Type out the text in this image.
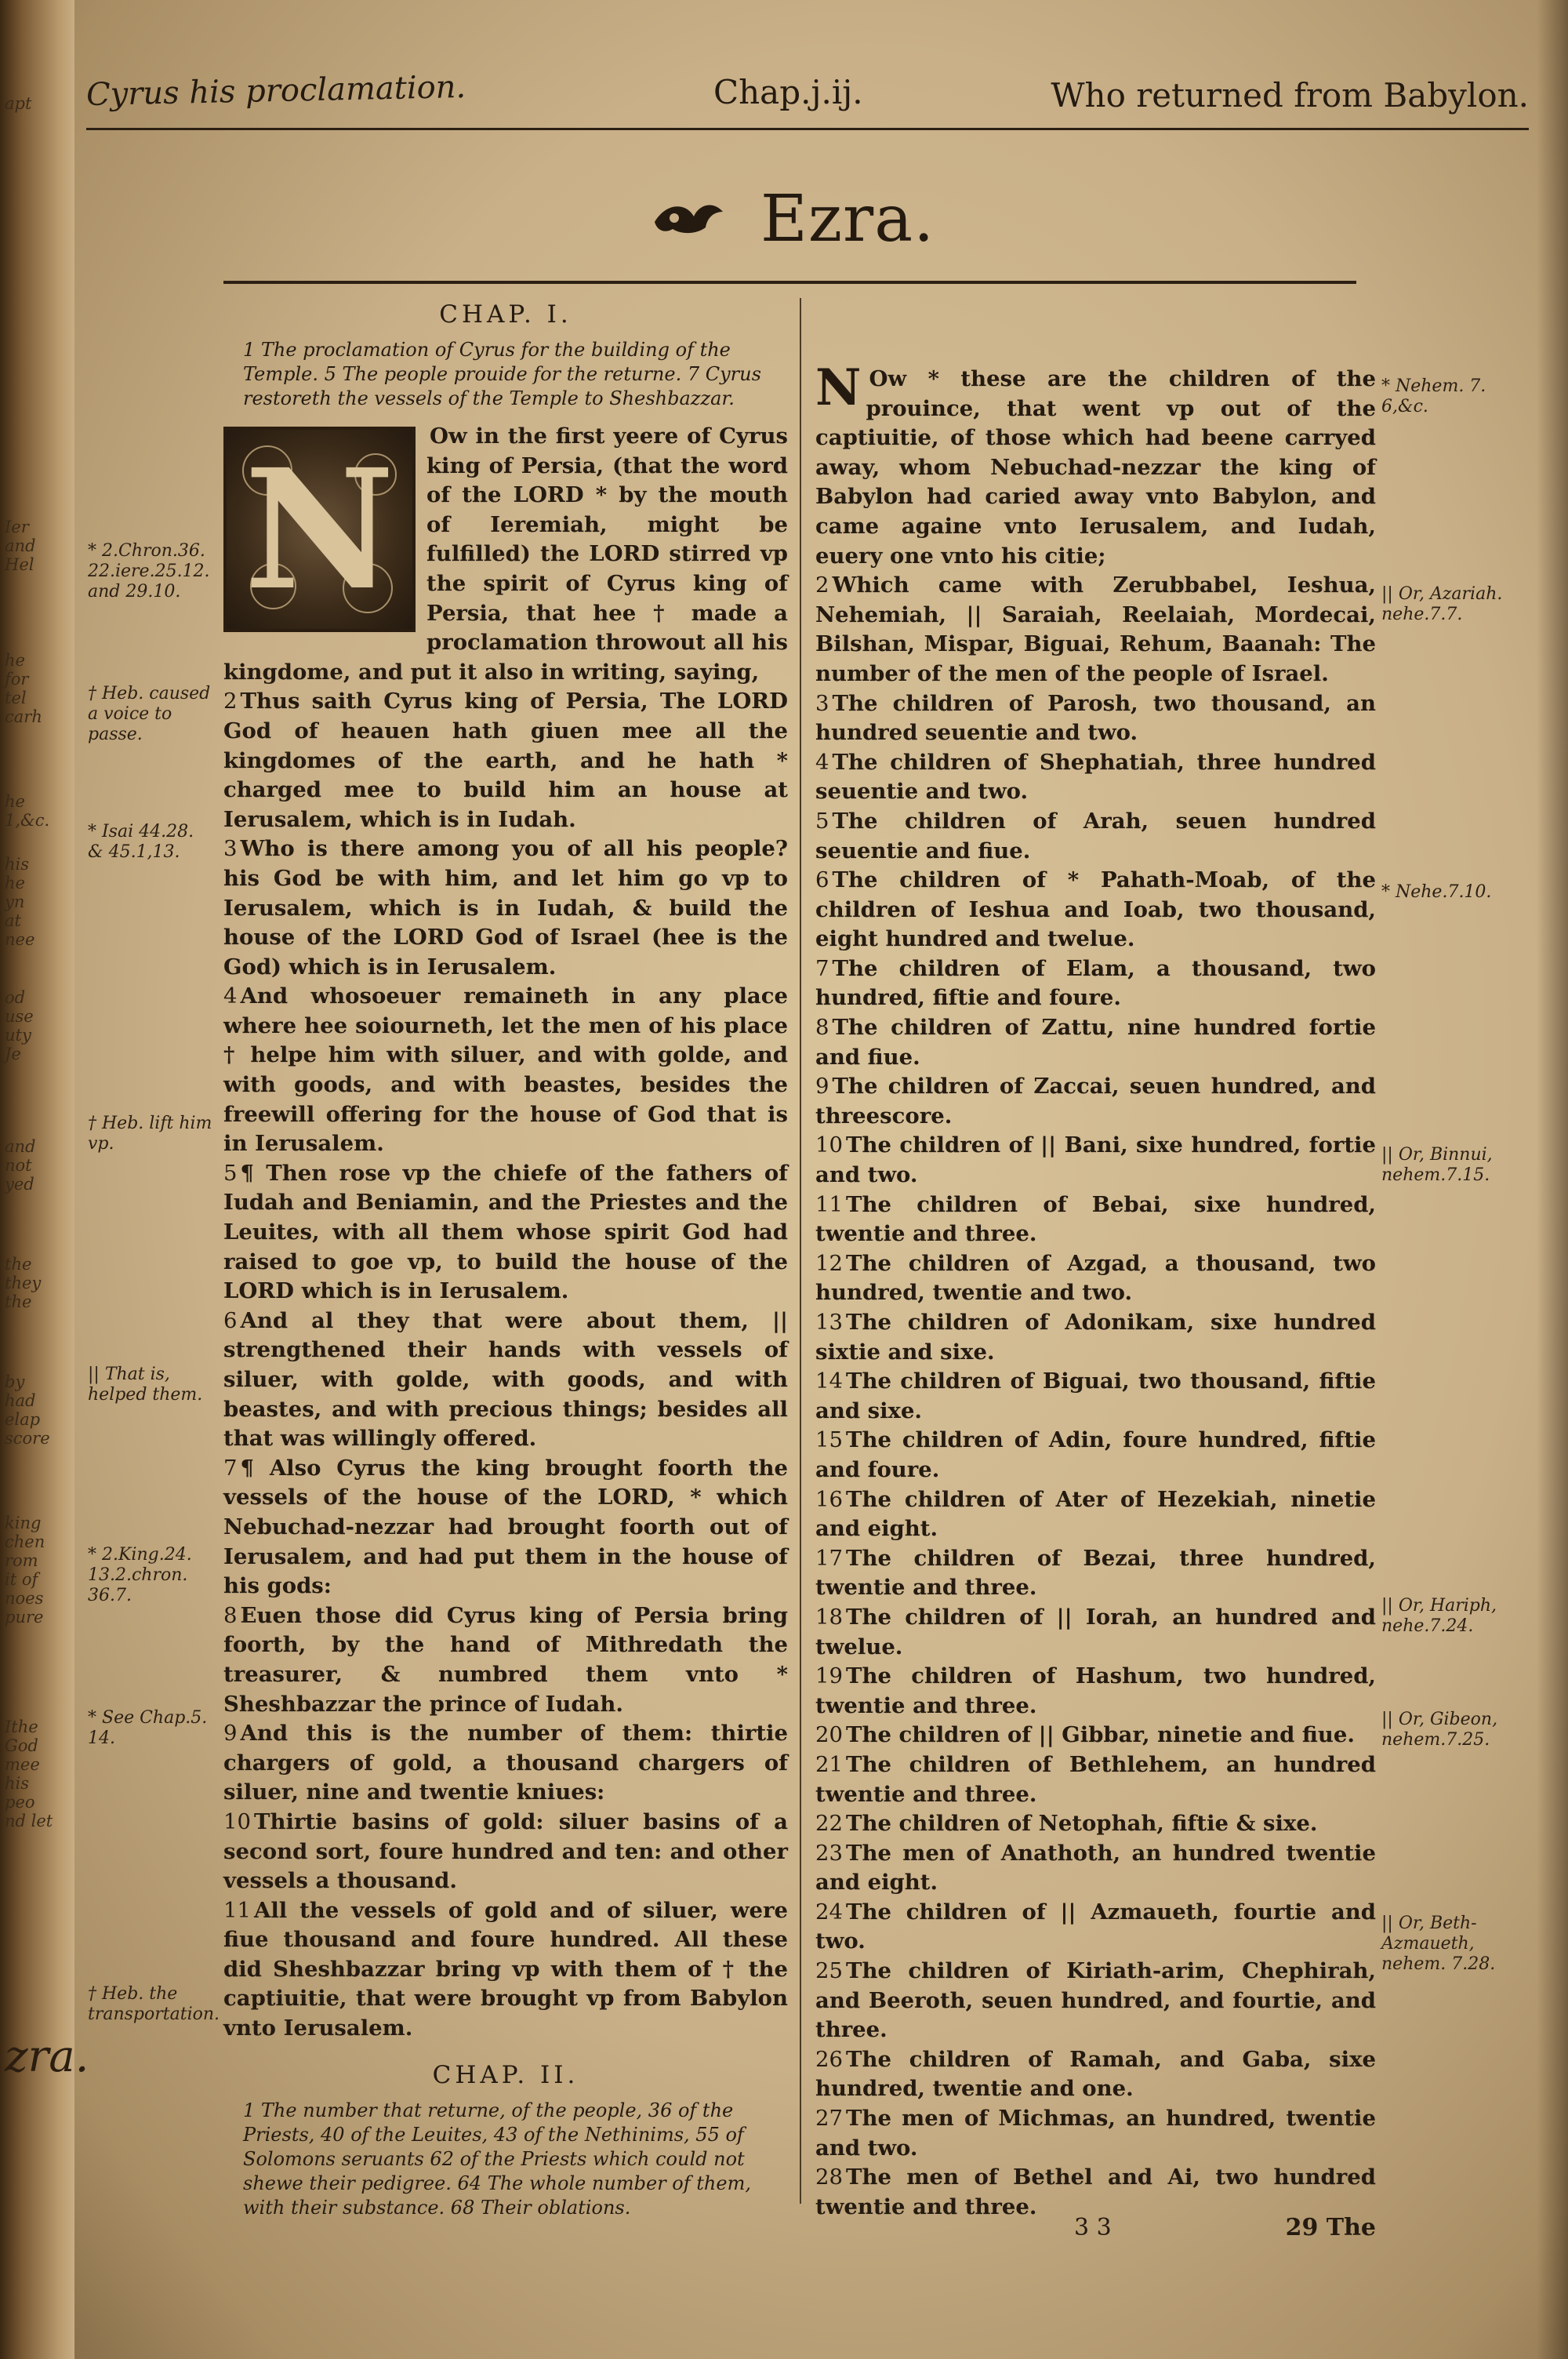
apt
Ier
and
Hel
he
for
tel
carh
he
1,&c.
his
he
yn
at
nee
od
use
uty
Je
and
not
yed
the
they
the
by
had
elap
score
king
chen
rom
it of
noes
pure
Ithe
God
mee
his
peo
nd let
zra.
Cyrus his proclamation.	Chap.j.ij.	Who returned from Babylon.
Ezra.
CHAP. I.
1 The proclamation of Cyrus for the building of the Temple. 5 The people prouide for the returne. 7 Cyrus restoreth the vessels of the Temple to Sheshbazzar.
N	Ow in the first yeere of Cyrus king of Persia, (that the word of the LORD * by the mouth of Ieremiah, might be fulfilled) the LORD stirred vp the spirit of Cyrus king of Persia, that hee † made a proclamation throwout all his kingdome, and put it also in writing, saying,

2 Thus saith Cyrus king of Persia, The LORD God of heauen hath giuen mee all the kingdomes of the earth, and he hath * charged mee to build him an house at Ierusalem, which is in Iudah.

3 Who is there among you of all his people? his God be with him, and let him go vp to Ierusalem, which is in Iudah, & build the house of the LORD God of Israel (hee is the God) which is in Ierusalem.

4 And whosoeuer remaineth in any place where hee soiourneth, let the men of his place † helpe him with siluer, and with golde, and with goods, and with beastes, besides the freewill offering for the house of God that is in Ierusalem.

5 ¶ Then rose vp the chiefe of the fathers of Iudah and Beniamin, and the Priestes and the Leuites, with all them whose spirit God had raised to goe vp, to build the house of the LORD which is in Ierusalem.

6 And al they that were about them, || strengthened their hands with vessels of siluer, with golde, with goods, and with beastes, and with precious things; besides all that was willingly offered.

7 ¶ Also Cyrus the king brought foorth the vessels of the house of the LORD, * which Nebuchad-nezzar had brought foorth out of Ierusalem, and had put them in the house of his gods:

8 Euen those did Cyrus king of Persia bring foorth, by the hand of Mithredath the treasurer, & numbred them vnto * Sheshbazzar the prince of Iudah.

9 And this is the number of them: thirtie chargers of gold, a thousand chargers of siluer, nine and twentie kniues:

10 Thirtie basins of gold: siluer basins of a second sort, foure hundred and ten: and other vessels a thousand.

11 All the vessels of gold and of siluer, were fiue thousand and foure hundred. All these did Sheshbazzar bring vp with them of † the captiuitie, that were brought vp from Babylon vnto Ierusalem.

CHAP. II.
1 The number that returne, of the people, 36 of the Priests, 40 of the Leuites, 43 of the Nethinims, 55 of Solomons seruants 62 of the Priests which could not shewe their pedigree. 64 The whole number of them, with their substance. 68 Their oblations.

N Ow * these are the children of the prouince, that went vp out of the captiuitie, of those which had beene carryed away, whom Nebuchad-nezzar the king of Babylon had caried away vnto Babylon, and came againe vnto Ierusalem, and Iudah, euery one vnto his citie;

2 Which came with Zerubbabel, Ieshua, Nehemiah, || Saraiah, Reelaiah, Mordecai, Bilshan, Mispar, Biguai, Rehum, Baanah: The number of the men of the people of Israel.

3 The children of Parosh, two thousand, an hundred seuentie and two.

4 The children of Shephatiah, three hundred seuentie and two.

5 The children of Arah, seuen hundred seuentie and fiue.

6 The children of * Pahath-Moab, of the children of Ieshua and Ioab, two thousand, eight hundred and twelue.

7 The children of Elam, a thousand, two hundred, fiftie and foure.

8 The children of Zattu, nine hundred fortie and fiue.

9 The children of Zaccai, seuen hundred, and threescore.

10 The children of || Bani, sixe hundred, fortie and two.

11 The children of Bebai, sixe hundred, twentie and three.

12 The children of Azgad, a thousand, two hundred, twentie and two.

13 The children of Adonikam, sixe hundred sixtie and sixe.

14 The children of Biguai, two thousand, fiftie and sixe.

15 The children of Adin, foure hundred, fiftie and foure.

16 The children of Ater of Hezekiah, ninetie and eight.

17 The children of Bezai, three hundred, twentie and three.

18 The children of || Iorah, an hundred and twelue.

19 The children of Hashum, two hundred, twentie and three.

20 The children of || Gibbar, ninetie and fiue.

21 The children of Bethlehem, an hundred twentie and three.

22 The children of Netophah, fiftie & sixe.

23 The men of Anathoth, an hundred twentie and eight.

24 The children of || Azmaueth, fourtie and two.

25 The children of Kiriath-arim, Chephirah, and Beeroth, seuen hundred, and fourtie, and three.

26 The children of Ramah, and Gaba, sixe hundred, twentie and one.

27 The men of Michmas, an hundred, twentie and two.

28 The men of Bethel and Ai, two hundred twentie and three.

* 2.Chron.36. 22.iere.25.12. and 29.10.
† Heb. caused a voice to passe.
* Isai 44.28. & 45.1,13.
† Heb. lift him vp.
|| That is, helped them.
* 2.King.24. 13.2.chron. 36.7.
* See Chap.5. 14.
† Heb. the transportation.
* Nehem. 7. 6,&c.
|| Or, Azariah. nehe.7.7.
* Nehe.7.10.
|| Or, Binnui, nehem.7.15.
|| Or, Hariph, nehe.7.24.
|| Or, Gibeon, nehem.7.25.
|| Or, Beth-Azmaueth, nehem. 7.28.
3 3	29 The
